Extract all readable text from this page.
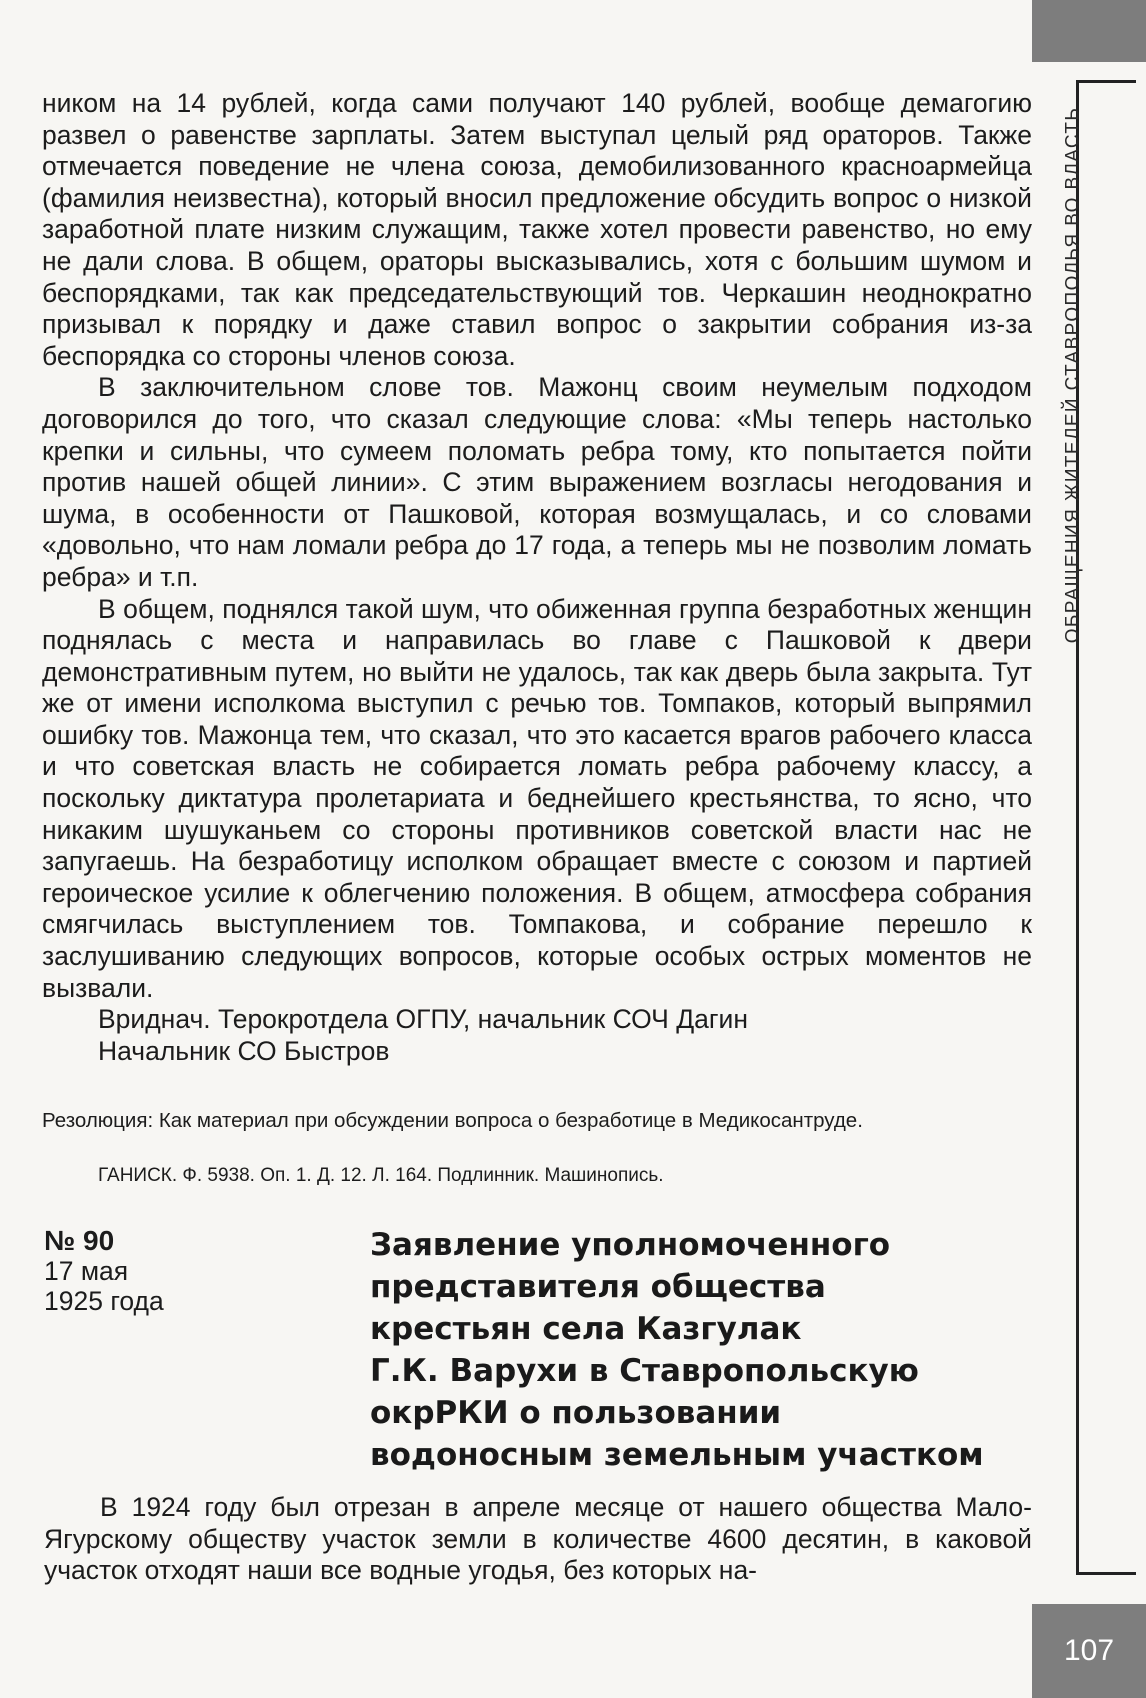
ОБРАЩЕНИЯ ЖИТЕЛЕЙ СТАВРОПОЛЬЯ ВО ВЛАСТЬ

ником на 14 рублей, когда сами получают 140 рублей, вообще демагогию развел о равенстве зарплаты. Затем выступал целый ряд ораторов. Также отмечается поведение не члена союза, демобилизованного красноармейца (фамилия неизвестна), который вносил предложение обсудить вопрос о низкой заработной плате низким служащим, также хотел провести равенство, но ему не дали слова. В общем, ораторы высказывались, хотя с большим шумом и беспорядками, так как председательствующий тов. Черкашин неоднократно призывал к порядку и даже ставил вопрос о закрытии собрания из-за беспорядка со стороны членов союза.

В заключительном слове тов. Мажонц своим неумелым подходом договорился до того, что сказал следующие слова: «Мы теперь настолько крепки и сильны, что сумеем поломать ребра тому, кто попытается пойти против нашей общей линии». С этим выражением возгласы негодования и шума, в особенности от Пашковой, которая возмущалась, и со словами «довольно, что нам ломали ребра до 17 года, а теперь мы не позволим ломать ребра» и т.п.

В общем, поднялся такой шум, что обиженная группа безработных женщин поднялась с места и направилась во главе с Пашковой к двери демонстративным путем, но выйти не удалось, так как дверь была закрыта. Тут же от имени исполкома выступил с речью тов. Томпаков, который выпрямил ошибку тов. Мажонца тем, что сказал, что это касается врагов рабочего класса и что советская власть не собирается ломать ребра рабочему классу, а поскольку диктатура пролетариата и беднейшего крестьянства, то ясно, что никаким шушуканьем со стороны противников советской власти нас не запугаешь. На безработицу исполком обращает вместе с союзом и партией героическое усилие к облегчению положения. В общем, атмосфера собрания смягчилась выступлением тов. Томпакова, и собрание перешло к заслушиванию следующих вопросов, которые особых острых моментов не вызвали.

Вриднач. Терокротдела ОГПУ, начальник СОЧ Дагин

Начальник СО Быстров

Резолюция: Как материал при обсуждении вопроса о безработице в Медикосантруде.
ГАНИСК. Ф. 5938. Оп. 1. Д. 12. Л. 164. Подлинник. Машинопись.
№ 90
17 мая
1925 года
Заявление уполномоченного
представителя общества
крестьян села Казгулак
Г.К. Варухи в Ставропольскую
окрРКИ о пользовании
водоносным земельным участком

В 1924 году был отрезан в апреле месяце от нашего общества Мало-Ягурскому обществу участок земли в количестве 4600 десятин, в каковой участок отходят наши все водные угодья, без которых на-

107
